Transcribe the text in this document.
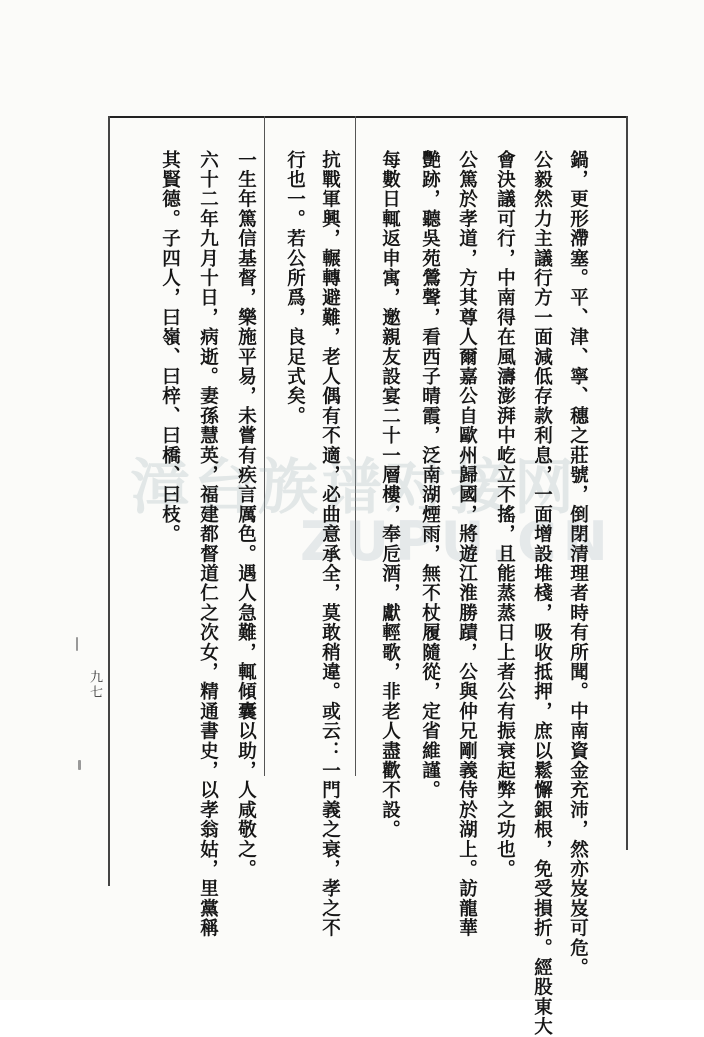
漳台族谱对接网
ZUPU.CN
鍋，更形滯塞。平、津、寧、穗之莊號，倒閉清理者時有所聞。中南資金充沛，然亦岌岌可危。
公毅然力主議行方一面減低存款利息，一面增設堆棧，吸收抵押，庶以鬆懈銀根，免受損折。經股東大
會決議可行，中南得在風濤澎湃中屹立不搖，且能蒸蒸日上者公有振衰起弊之功也。
公篤於孝道，方其尊人爾嘉公自歐州歸國，將遊江淮勝蹟，公與仲兄剛義侍於湖上。訪龍華
艷跡，聽吳苑鶯聲，看西子晴霞，泛南湖煙雨，無不杖履隨從，定省維謹。
每數日輒返申寓，邀親友設宴二十一層樓，奉卮酒，獻輕歌，非老人盡歡不設。
抗戰軍興，輾轉避難，老人偶有不適，必曲意承全，莫敢稍違。或云：一門義之衰，孝之不
行也一。若公所爲，良足式矣。
一生年篤信基督，樂施平易，未嘗有疾言厲色。遇人急難，輒傾囊以助，人咸敬之。
六十二年九月十日，病逝。妻孫慧英，福建都督道仁之次女，精通書史，以孝翁姑，里黨稱
其賢德。子四人，曰嶺、曰梓、曰橋、曰枝。
九七
